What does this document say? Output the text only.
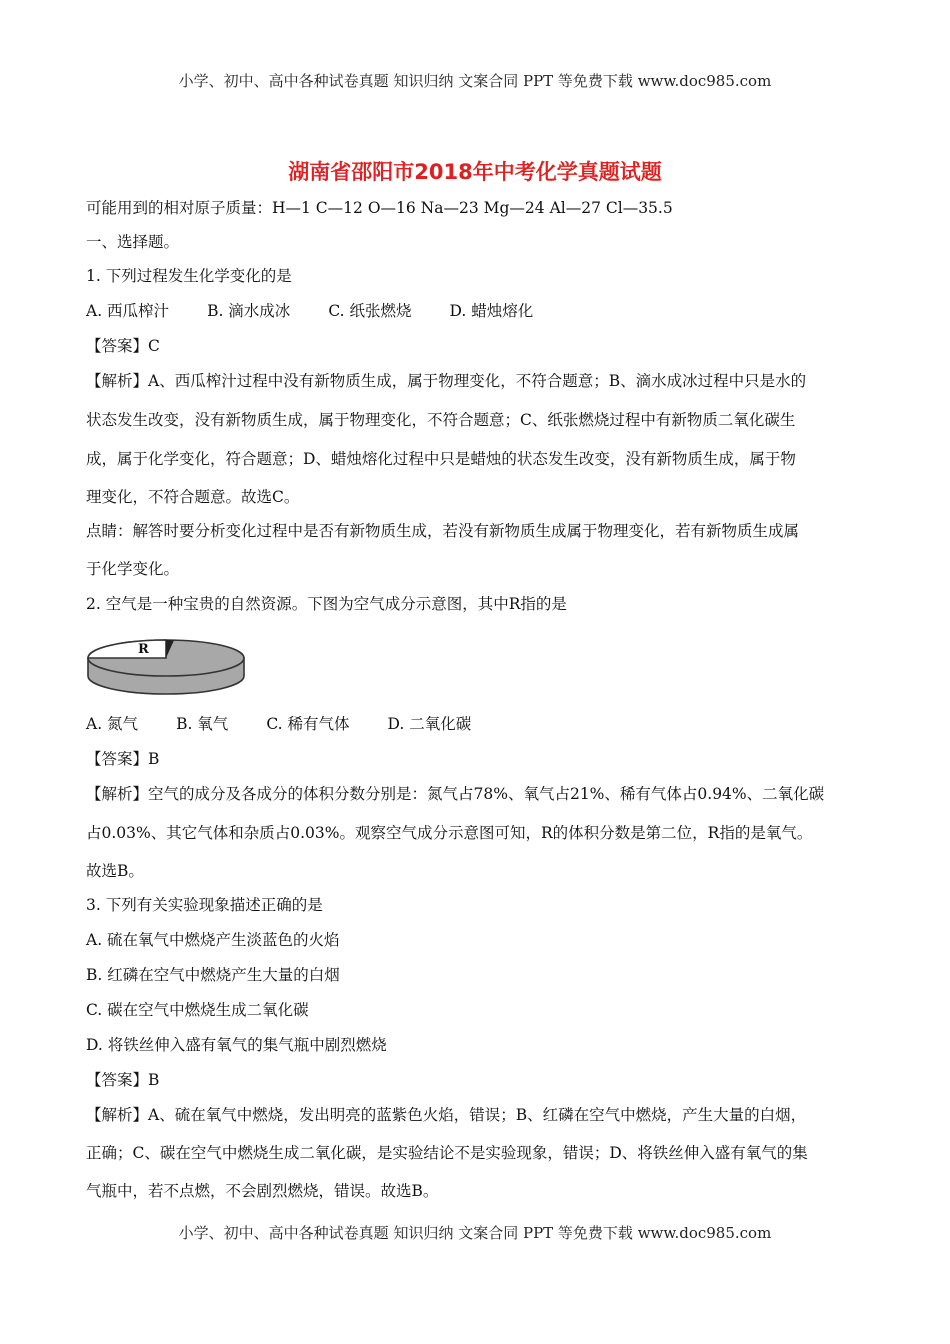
小学、初中、高中各种试卷真题 知识归纳 文案合同 PPT 等免费下载 www.doc985.com
湖南省邵阳市2018年中考化学真题试题
可能用到的相对原子质量：H—1 C—12 O—16 Na—23 Mg—24 Al—27 Cl—35.5
一、选择题。
1. 下列过程发生化学变化的是
A. 西瓜榨汁 B. 滴水成冰 C. 纸张燃烧 D. 蜡烛熔化
【答案】C
【解析】A、西瓜榨汁过程中没有新物质生成，属于物理变化，不符合题意；B、滴水成冰过程中只是水的
状态发生改变，没有新物质生成，属于物理变化，不符合题意；C、纸张燃烧过程中有新物质二氧化碳生
成，属于化学变化，符合题意；D、蜡烛熔化过程中只是蜡烛的状态发生改变，没有新物质生成，属于物
理变化，不符合题意。故选C。
点睛：解答时要分析变化过程中是否有新物质生成，若没有新物质生成属于物理变化，若有新物质生成属
于化学变化。
2. 空气是一种宝贵的自然资源。下图为空气成分示意图，其中R指的是
R
A. 氮气 B. 氧气 C. 稀有气体 D. 二氧化碳
【答案】B
【解析】空气的成分及各成分的体积分数分别是：氮气占78%、氧气占21%、稀有气体占0.94%、二氧化碳
占0.03%、其它气体和杂质占0.03%。观察空气成分示意图可知，R的体积分数是第二位，R指的是氧气。
故选B。
3. 下列有关实验现象描述正确的是
A. 硫在氧气中燃烧产生淡蓝色的火焰
B. 红磷在空气中燃烧产生大量的白烟
C. 碳在空气中燃烧生成二氧化碳
D. 将铁丝伸入盛有氧气的集气瓶中剧烈燃烧
【答案】B
【解析】A、硫在氧气中燃烧，发出明亮的蓝紫色火焰，错误；B、红磷在空气中燃烧，产生大量的白烟，
正确；C、碳在空气中燃烧生成二氧化碳，是实验结论不是实验现象，错误；D、将铁丝伸入盛有氧气的集
气瓶中，若不点燃，不会剧烈燃烧，错误。故选B。
小学、初中、高中各种试卷真题 知识归纳 文案合同 PPT 等免费下载 www.doc985.com
